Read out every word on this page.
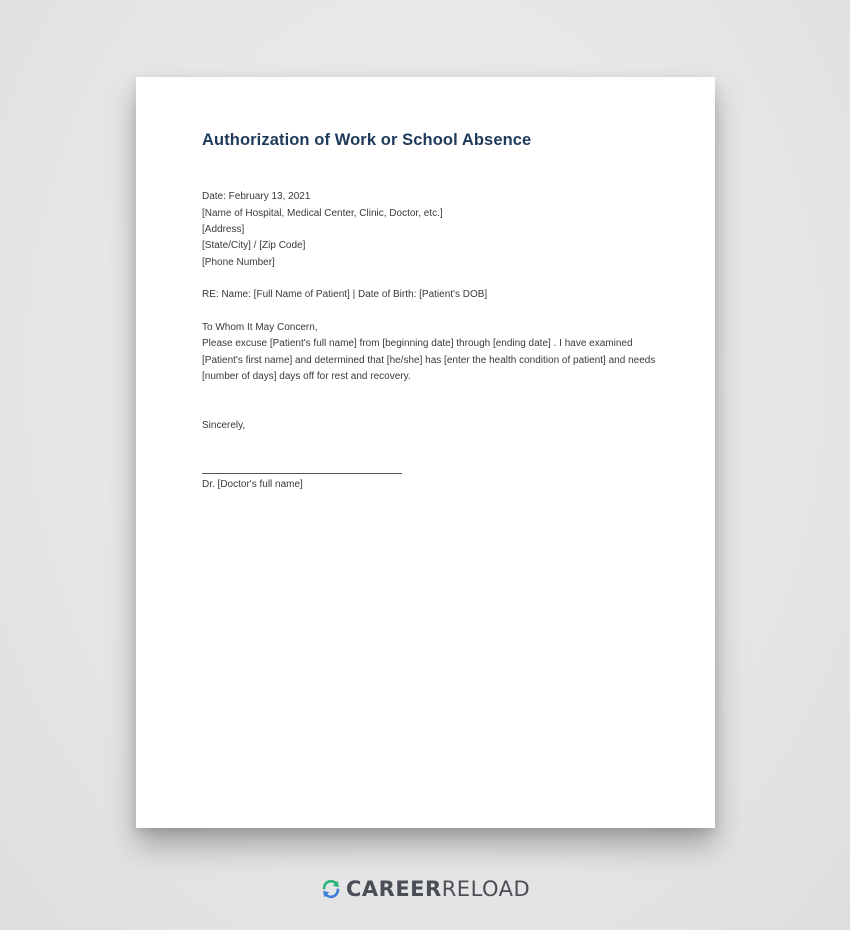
Authorization of Work or School Absence
Date: February 13, 2021
[Name of Hospital, Medical Center, Clinic, Doctor, etc.]
[Address]
[State/City] / [Zip Code]
[Phone Number]
RE: Name: [Full Name of Patient] | Date of Birth: [Patient's DOB]
To Whom It May Concern,
Please excuse [Patient's full name] from [beginning date] through [ending date] . I have examined
[Patient's first name] and determined that [he/she] has [enter the health condition of patient] and needs
[number of days] days off for rest and recovery.
Sincerely,
Dr. [Doctor's full name]
CAREERRELOAD
